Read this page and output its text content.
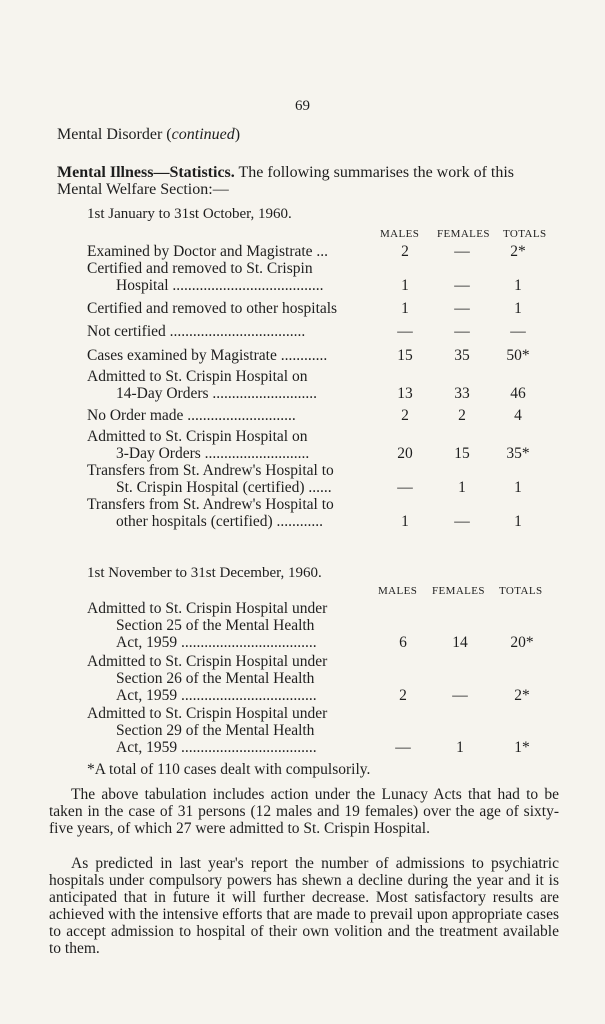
69
Mental Disorder (continued)
Mental Illness—Statistics. The following summarises the work of this
Mental Welfare Section:—
1st January to 31st October, 1960.
MALES FEMALES TOTALS
Examined by Doctor and Magistrate ...	2	—	2*
Certified and removed to St. Crispin
Hospital .......................................	1	—	1
Certified and removed to other hospitals	1	—	1
Not certified ...................................	—	—	—
Cases examined by Magistrate ............	15	35	50*
Admitted to St. Crispin Hospital on
14-Day Orders ...........................	13	33	46
No Order made ............................	2	2	4
Admitted to St. Crispin Hospital on
3-Day Orders ...........................	20	15	35*
Transfers from St. Andrew's Hospital to
St. Crispin Hospital (certified) ......	—	1	1
Transfers from St. Andrew's Hospital to
other hospitals (certified) ............	1	—	1
1st November to 31st December, 1960.
MALES FEMALES TOTALS
Admitted to St. Crispin Hospital under
Section 25 of the Mental Health
Act, 1959 ...................................	6	14	20*
Admitted to St. Crispin Hospital under
Section 26 of the Mental Health
Act, 1959 ...................................	2	—	2*
Admitted to St. Crispin Hospital under
Section 29 of the Mental Health
Act, 1959 ...................................	—	1	1*
*A total of 110 cases dealt with compulsorily.
The above tabulation includes action under the Lunacy Acts that had to be taken in the case of 31 persons (12 males and 19 females) over the age of sixty-five years, of which 27 were admitted to St. Crispin Hospital.
As predicted in last year's report the number of admissions to psychiatric hospitals under compulsory powers has shewn a decline during the year and it is anticipated that in future it will further decrease. Most satisfactory results are achieved with the intensive efforts that are made to prevail upon appropriate cases to accept admission to hospital of their own volition and the treatment available to them.
